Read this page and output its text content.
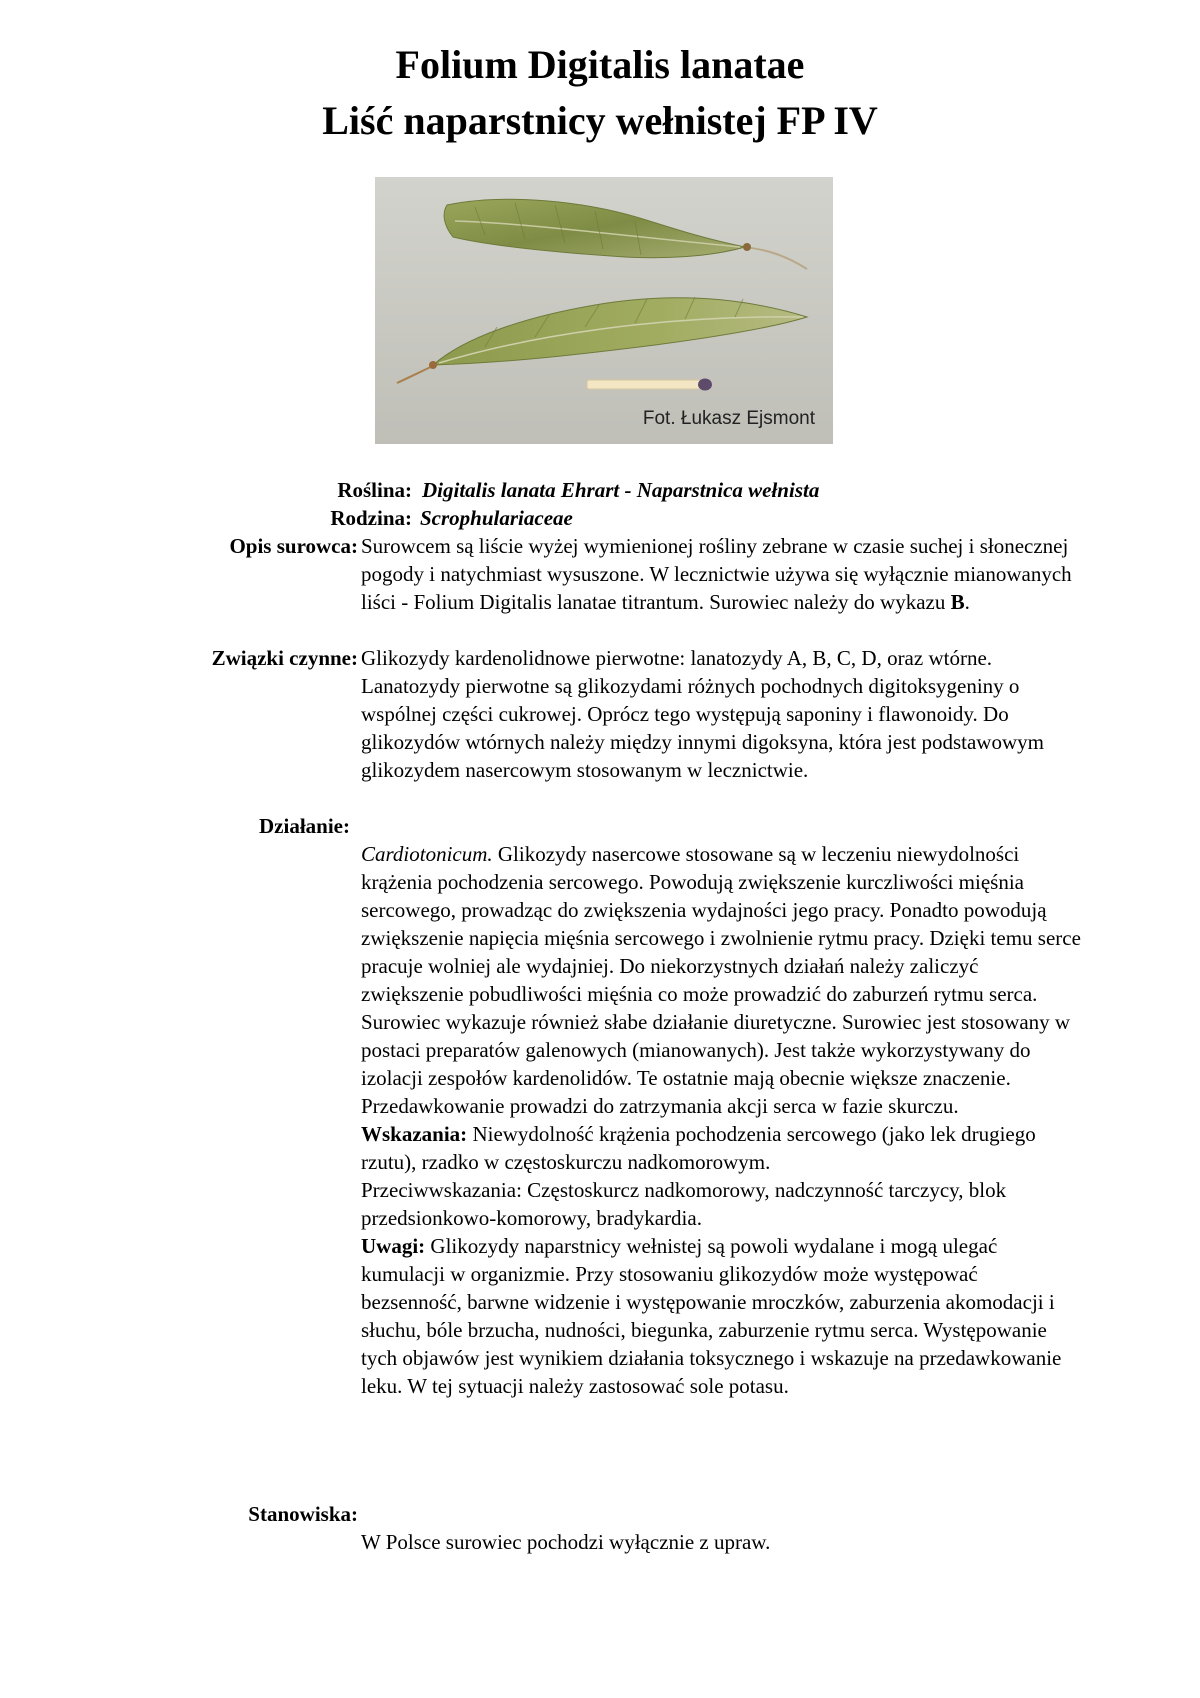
Folium Digitalis lanatae
Liść naparstnicy wełnistej FP IV
Fot. Łukasz Ejsmont
Roślina: Digitalis lanata Ehrart - Naparstnica wełnista
Rodzina: Scrophulariaceae
Opis surowca: Surowcem są liście wyżej wymienionej rośliny zebrane w czasie suchej i słonecznej pogody i natychmiast wysuszone. W lecznictwie używa się wyłącznie mianowanych liści - Folium Digitalis lanatae titrantum. Surowiec należy do wykazu B.

Związki czynne: Glikozydy kardenolidnowe pierwotne: lanatozydy A, B, C, D, oraz wtórne. Lanatozydy pierwotne są glikozydami różnych pochodnych digitoksygeniny o wspólnej części cukrowej. Oprócz tego występują saponiny i flawonoidy. Do glikozydów wtórnych należy między innymi digoksyna, która jest podstawowym glikozydem nasercowym stosowanym w lecznictwie.

Działanie:

Cardiotonicum. Glikozydy nasercowe stosowane są w leczeniu niewydolności krążenia pochodzenia sercowego. Powodują zwiększenie kurczliwości mięśnia sercowego, prowadząc do zwiększenia wydajności jego pracy. Ponadto powodują zwiększenie napięcia mięśnia sercowego i zwolnienie rytmu pracy. Dzięki temu serce pracuje wolniej ale wydajniej. Do niekorzystnych działań należy zaliczyć zwiększenie pobudliwości mięśnia co może prowadzić do zaburzeń rytmu serca. Surowiec wykazuje również słabe działanie diuretyczne. Surowiec jest stosowany w postaci preparatów galenowych (mianowanych). Jest także wykorzystywany do izolacji zespołów kardenolidów. Te ostatnie mają obecnie większe znaczenie. Przedawkowanie prowadzi do zatrzymania akcji serca w fazie skurczu.

Wskazania: Niewydolność krążenia pochodzenia sercowego (jako lek drugiego rzutu), rzadko w częstoskurczu nadkomorowym.

Przeciwwskazania: Częstoskurcz nadkomorowy, nadczynność tarczycy, blok przedsionkowo-komorowy, bradykardia.

Uwagi: Glikozydy naparstnicy wełnistej są powoli wydalane i mogą ulegać kumulacji w organizmie. Przy stosowaniu glikozydów może występować bezsenność, barwne widzenie i występowanie mroczków, zaburzenia akomodacji i słuchu, bóle brzucha, nudności, biegunka, zaburzenie rytmu serca. Występowanie tych objawów jest wynikiem działania toksycznego i wskazuje na przedawkowanie leku. W tej sytuacji należy zastosować sole potasu.

Stanowiska:

W Polsce surowiec pochodzi wyłącznie z upraw.
